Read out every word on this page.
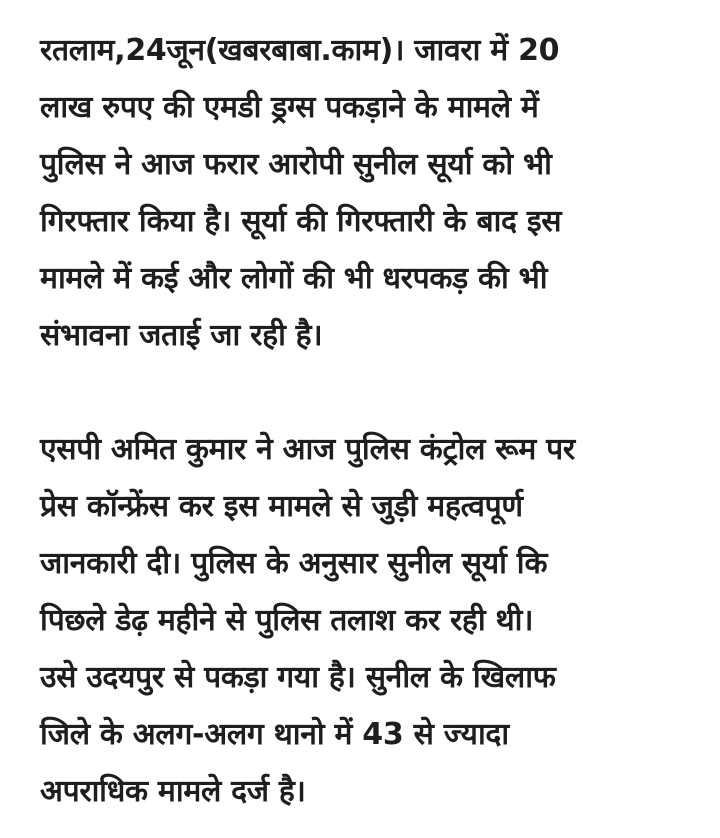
रतलाम,24जून(खबरबाबा.काम)। जावरा में 20
लाख रुपए की एमडी ड्रग्स पकड़ाने के मामले में
पुलिस ने आज फरार आरोपी सुनील सूर्या को भी
गिरफ्तार किया है। सूर्या की गिरफ्तारी के बाद इस
मामले में कई और लोगों की भी धरपकड़ की भी
संभावना जताई जा रही है।
एसपी अमित कुमार ने आज पुलिस कंट्रोल रूम पर
प्रेस कॉन्फ्रेंस कर इस मामले से जुड़ी महत्वपूर्ण
जानकारी दी। पुलिस के अनुसार सुनील सूर्या कि
पिछले डेढ़ महीने से पुलिस तलाश कर रही थी।
उसे उदयपुर से पकड़ा गया है। सुनील के खिलाफ
जिले के अलग-अलग थानो में 43 से ज्यादा
अपराधिक मामले दर्ज है।
